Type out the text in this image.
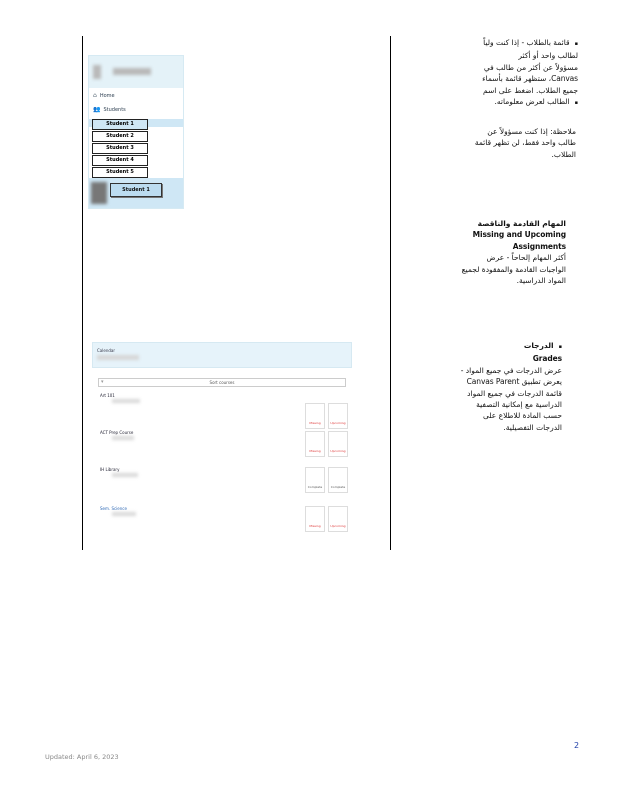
⌂ Home
👥 Students
Student 1
Student 2
Student 3
Student 4
Student 5
Student 1
Calendar
▾	Sort courses
Art 101
Missing	Upcoming
ACT Prep Course
Missing	Upcoming
IH Library
Complete	Complete
Sem. Science
Missing	Upcoming

▪ قائمة بالطلاب - إذا كنت ولياً

لطالب واحد أو أكثر

مسؤولاً عن أكثر من طالب في

Canvas، ستظهر قائمة بأسماء

جميع الطلاب. اضغط على اسم

▪ الطالب لعرض معلوماته.

ملاحظة: إذا كنت مسؤولاً عن

طالب واحد فقط، لن تظهر قائمة

الطلاب.

المهام القادمة والناقصة

Missing and Upcoming

Assignments

أكثر المهام إلحاحاً - عرض

الواجبات القادمة والمفقودة لجميع

المواد الدراسية.

▪ الدرجات

Grades

عرض الدرجات في جميع المواد -

يعرض تطبيق Canvas Parent

قائمة الدرجات في جميع المواد

الدراسية مع إمكانية التصفية

حسب المادة للاطلاع على

الدرجات التفصيلية.

2
Updated: April 6, 2023
